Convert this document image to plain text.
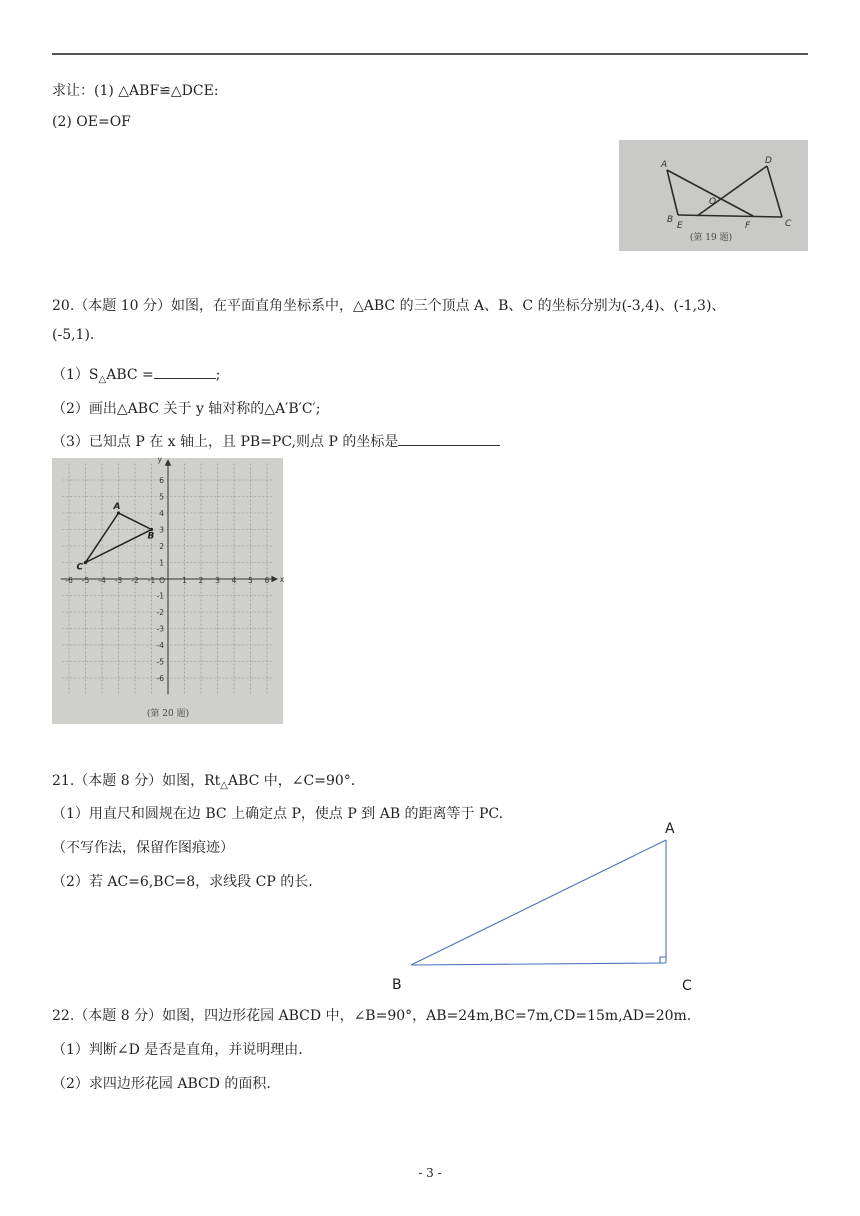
求让：(1) △ABF≌△DCE:
(2) OE=OF
A	D
O
B
E	F	C
(第 19 题)
20.（本题 10 分）如图，在平面直角坐标系中，△ABC 的三个顶点 A、B、C 的坐标分别为(-3,4)、(-1,3)、
(-5,1).
$(1)S_\triangle ABC$ =	;
（2）画出△ABC 关于 y 轴对称的△A′B′C′;
（3）已知点 P 在 x 轴上，且 PB=PC,则点 P 的坐标是
-6 -5 -4 -3 -2 -1	1 2 3 4 5 6
6
5
4
3
2
1
-1
-2
-3
-4
-5
-6
O	x
y
A
B
C
(第 20 题)
21.（本题 8 分）如图，$Rt_\triangle ABC$ 中，∠C=90°．
（1）用直尺和圆规在边 BC 上确定点 P，使点 P 到 AB 的距离等于 PC.
（不写作法，保留作图痕迹）
（2）若 AC=6,BC=8，求线段 CP 的长.
A
B	C
22.（本题 8 分）如图，四边形花园 ABCD 中，∠B=90°，AB=24m,BC=7m,CD=15m,AD=20m.
（1）判断∠D 是否是直角，并说明理由.
（2）求四边形花园 ABCD 的面积.
- 3 -
